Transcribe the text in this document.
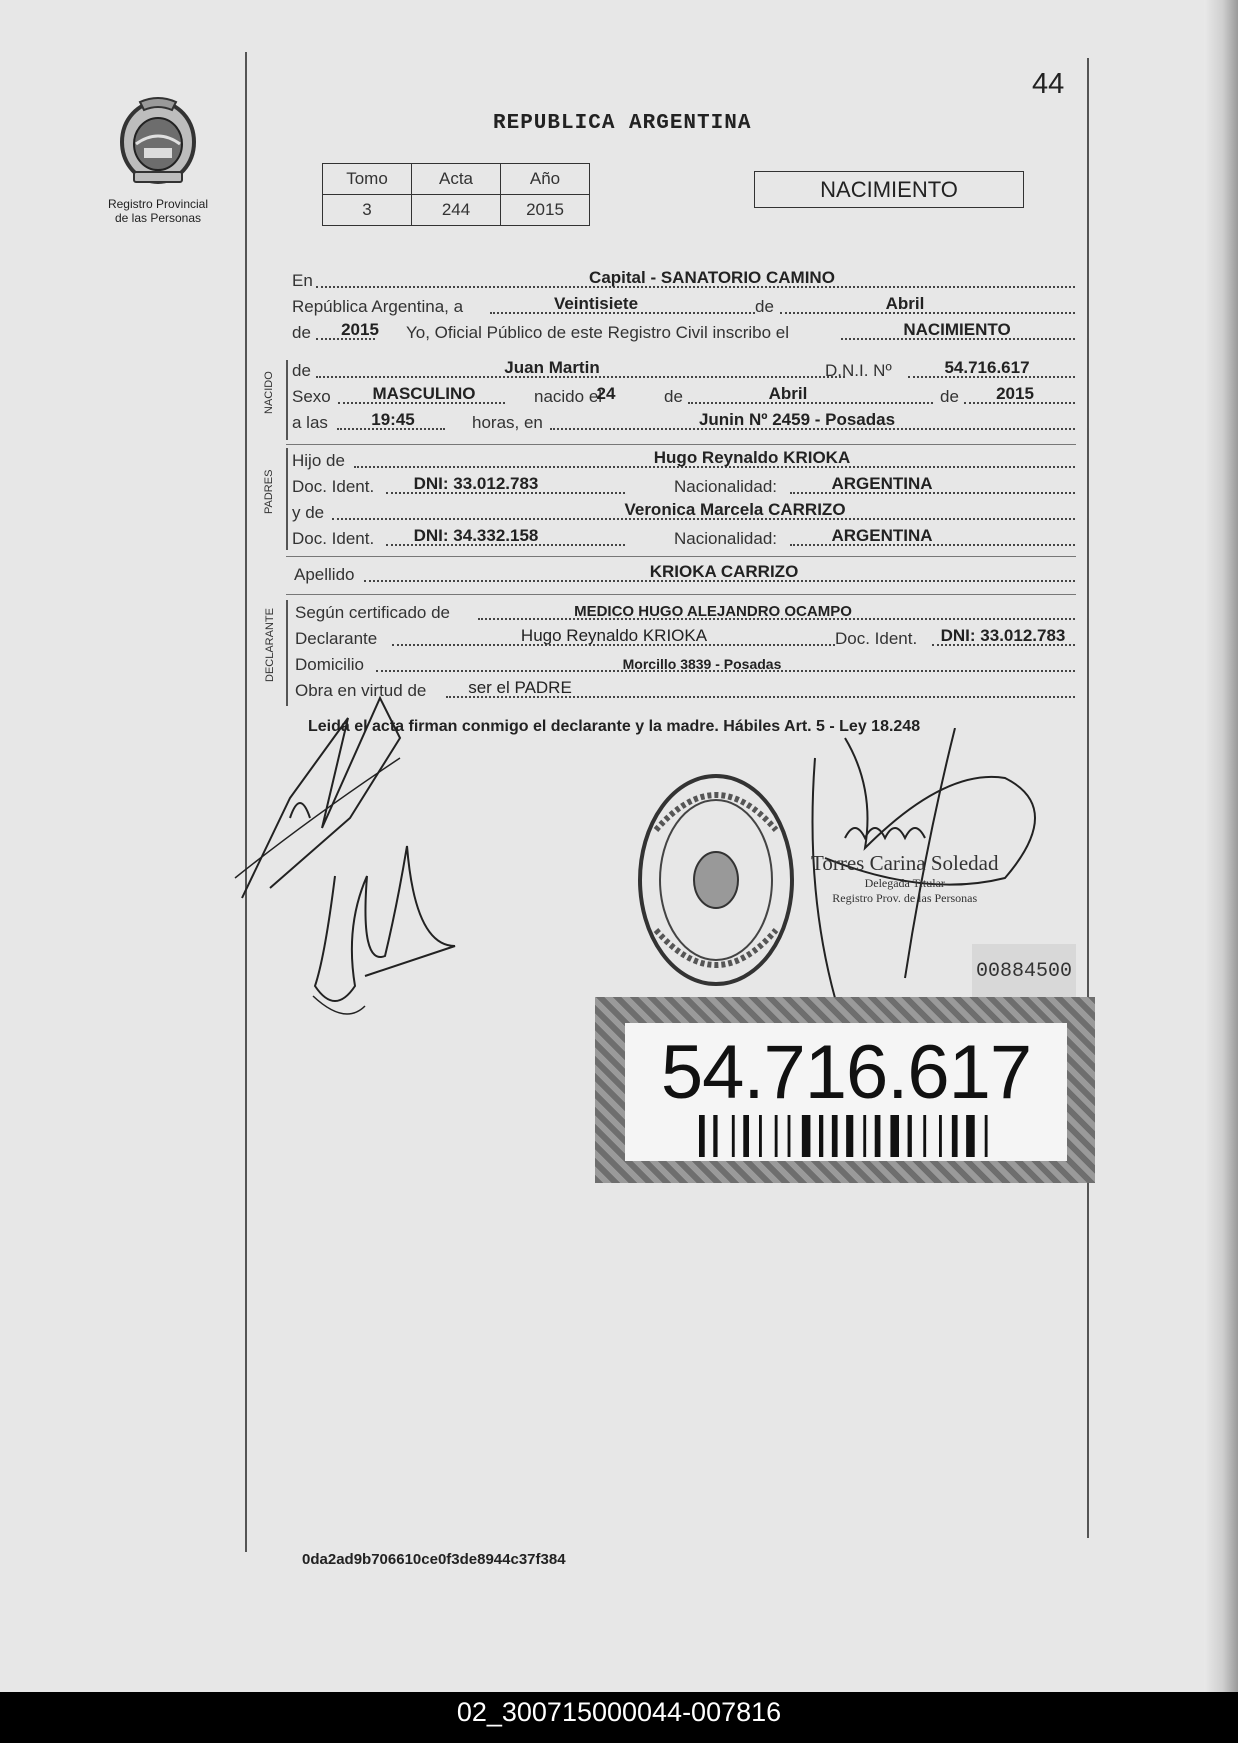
44
Registro Provincial
de las Personas
REPUBLICA ARGENTINA
Tomo	Acta	Año
3	244	2015
NACIMIENTO
En	Capital - SANATORIO CAMINO
República Argentina, a	Veintisiete	de	Abril
de 2015 Yo, Oficial Público de este Registro Civil inscribo el	NACIMIENTO
NACIDO
de	Juan Martin	D.N.I. Nº	54.716.617
Sexo MASCULINO	nacido el
24	de	Abril	de 2015
a las	19:45	horas, en	Junin Nº 2459 - Posadas
PADRES
Hijo de	Hugo Reynaldo KRIOKA
Doc. Ident. DNI: 33.012.783	Nacionalidad:	ARGENTINA
y de	Veronica Marcela CARRIZO
Doc. Ident. DNI: 34.332.158	Nacionalidad:	ARGENTINA
Apellido	KRIOKA CARRIZO
DECLARANTE Según certificado de	MEDICO HUGO ALEJANDRO OCAMPO
Declarante	Hugo Reynaldo KRIOKA	Doc. Ident. DNI: 33.012.783
Domicilio	Morcillo 3839 - Posadas
Obra en virtud de ser el PADRE
Leida el acta firman conmigo el declarante y la madre. Hábiles Art. 5 - Ley 18.248
Torres Carina Soledad
Delegada Titular
Registro Prov. de las Personas
00884500
54.716.617
0da2ad9b706610ce0f3de8944c37f384
02_300715000044-007816
